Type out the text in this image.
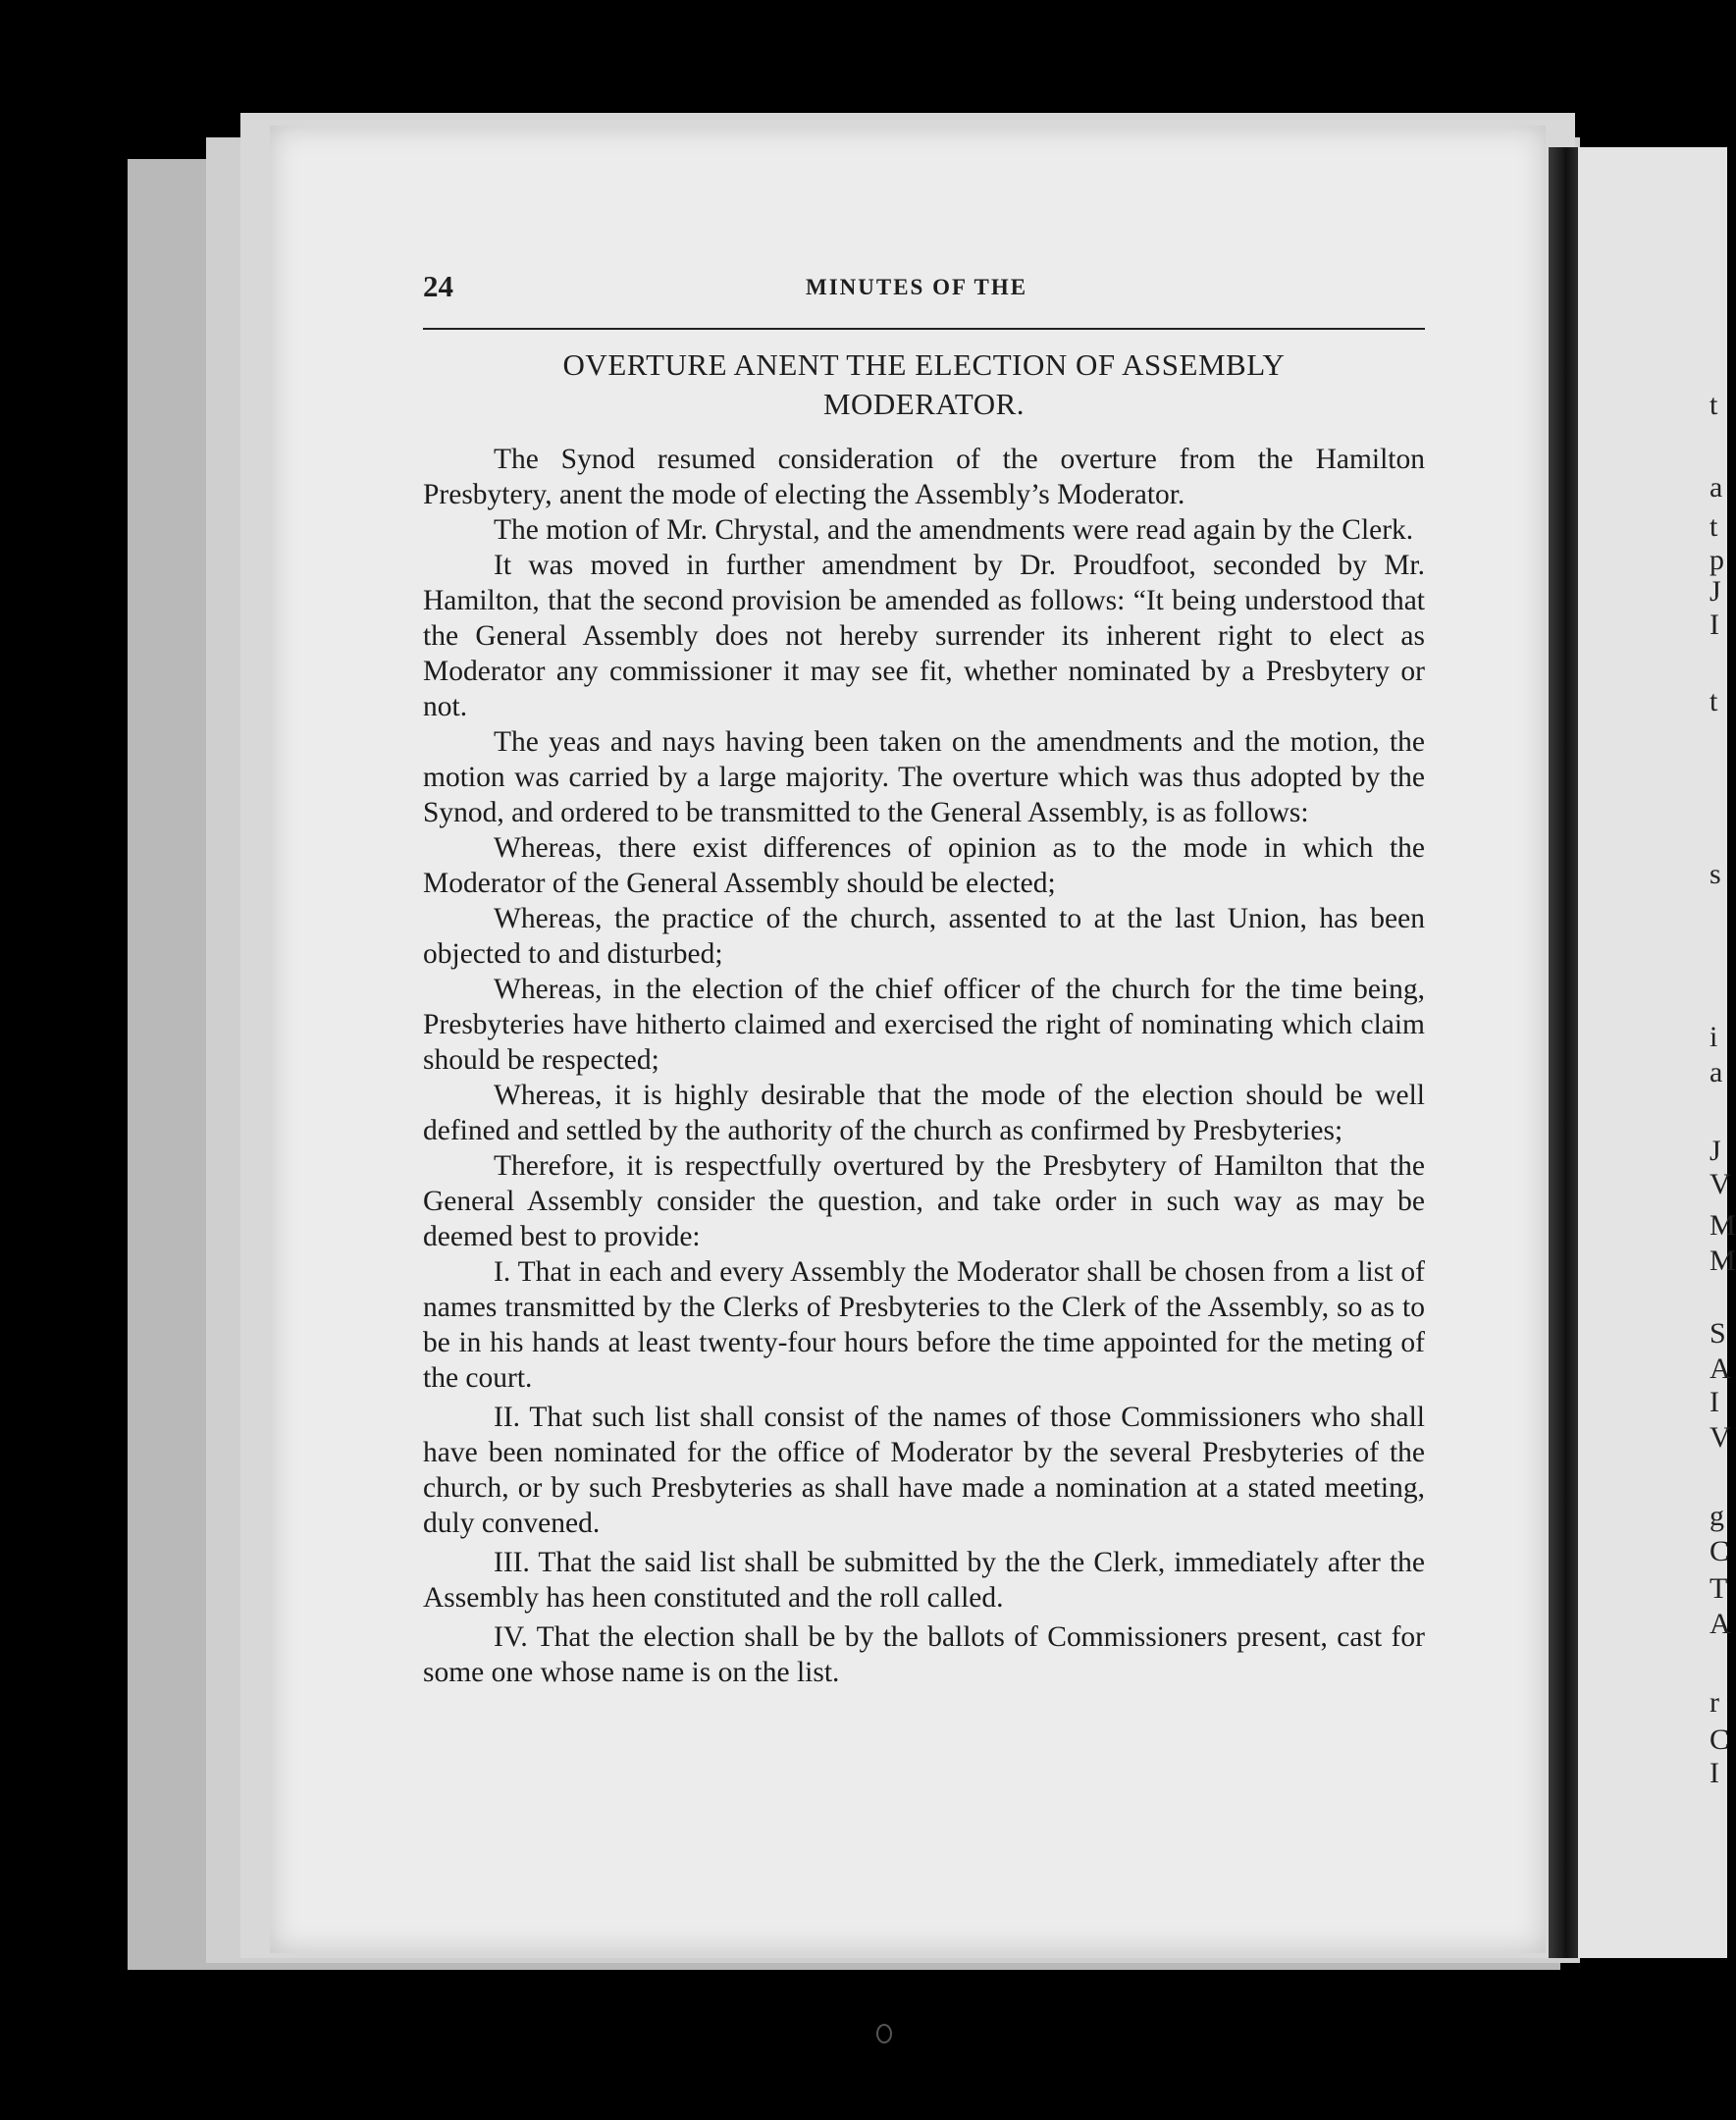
24	MINUTES OF THE
OVERTURE ANENT THE ELECTION OF ASSEMBLY
MODERATOR.

The Synod resumed consideration of the overture from the Hamilton Presbytery, anent the mode of electing the Assembly’s Moderator.

The motion of Mr. Chrystal, and the amendments were read again by the Clerk.

It was moved in further amendment by Dr. Proudfoot, seconded by Mr. Hamilton, that the second provision be amended as follows: “It being understood that the General Assembly does not hereby surrender its inherent right to elect as Moderator any commissioner it may see fit, whether nominated by a Presbytery or not.

The yeas and nays having been taken on the amendments and the motion, the motion was carried by a large majority. The overture which was thus adopted by the Synod, and ordered to be transmitted to the General Assembly, is as follows:

Whereas, there exist differences of opinion as to the mode in which the Moderator of the General Assembly should be elected;

Whereas, the practice of the church, assented to at the last Union, has been objected to and disturbed;

Whereas, in the election of the chief officer of the church for the time being, Presbyteries have hitherto claimed and exercised the right of nominating which claim should be respected;

Whereas, it is highly desirable that the mode of the election should be well defined and settled by the authority of the church as confirmed by Presbyteries;

Therefore, it is respectfully overtured by the Presbytery of Hamilton that the General Assembly consider the question, and take order in such way as may be deemed best to provide:

I. That in each and every Assembly the Moderator shall be chosen from a list of names transmitted by the Clerks of Presbyteries to the Clerk of the Assembly, so as to be in his hands at least twenty-four hours before the time appointed for the meting of the court.

II. That such list shall consist of the names of those Commissioners who shall have been nominated for the office of Moderator by the several Presbyteries of the church, or by such Presbyteries as shall have made a nomination at a stated meeting, duly convened.

III. That the said list shall be submitted by the the Clerk, immediately after the Assembly has heen constituted and the roll called.

IV. That the election shall be by the ballots of Commissioners present, cast for some one whose name is on the list.

t
a
t
p
J
I
t
s
i
a
J
V
M
M
S
A
I
V
g
C
T
A
r
C
I
